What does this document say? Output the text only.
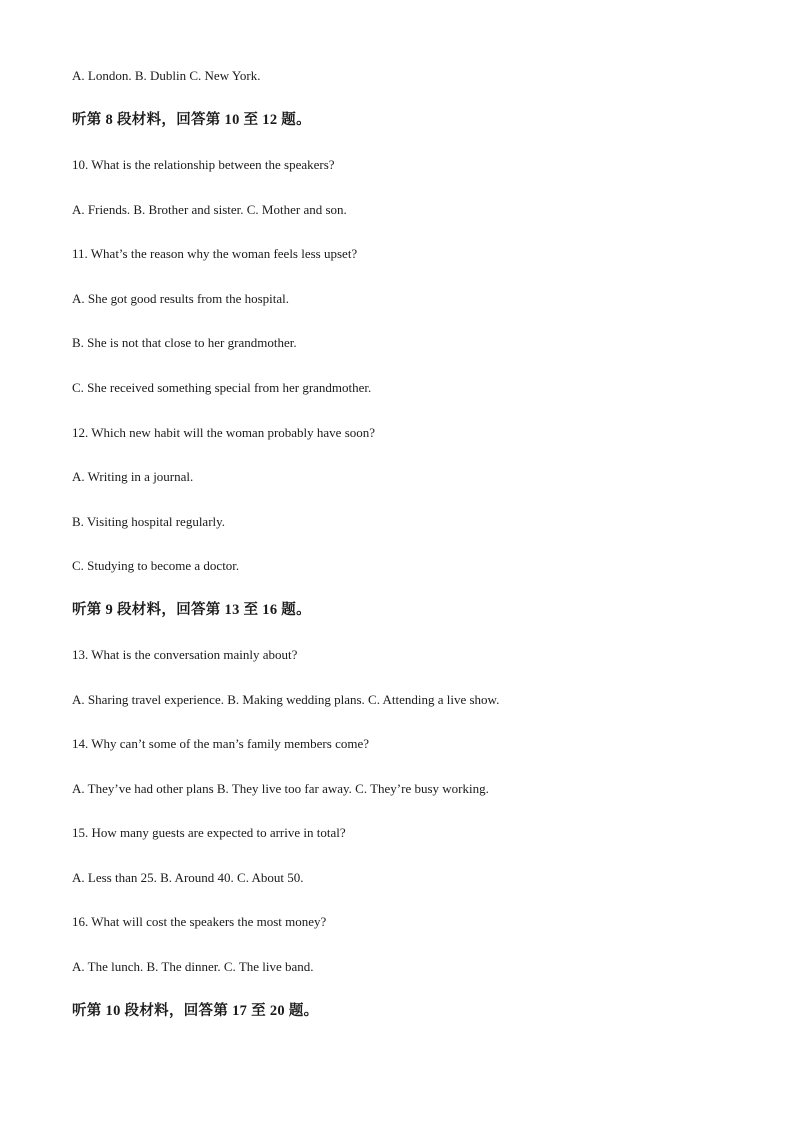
A. London. B. Dublin C. New York.
听第 8 段材料，回答第 10 至 12 题。
10. What is the relationship between the speakers?
A. Friends. B. Brother and sister. C. Mother and son.
11. What’s the reason why the woman feels less upset?
A. She got good results from the hospital.
B. She is not that close to her grandmother.
C. She received something special from her grandmother.
12. Which new habit will the woman probably have soon?
A. Writing in a journal.
B. Visiting hospital regularly.
C. Studying to become a doctor.
听第 9 段材料，回答第 13 至 16 题。
13. What is the conversation mainly about?
A. Sharing travel experience. B. Making wedding plans. C. Attending a live show.
14. Why can’t some of the man’s family members come?
A. They’ve had other plans B. They live too far away. C. They’re busy working.
15. How many guests are expected to arrive in total?
A. Less than 25. B. Around 40. C. About 50.
16. What will cost the speakers the most money?
A. The lunch. B. The dinner. C. The live band.
听第 10 段材料，回答第 17 至 20 题。
